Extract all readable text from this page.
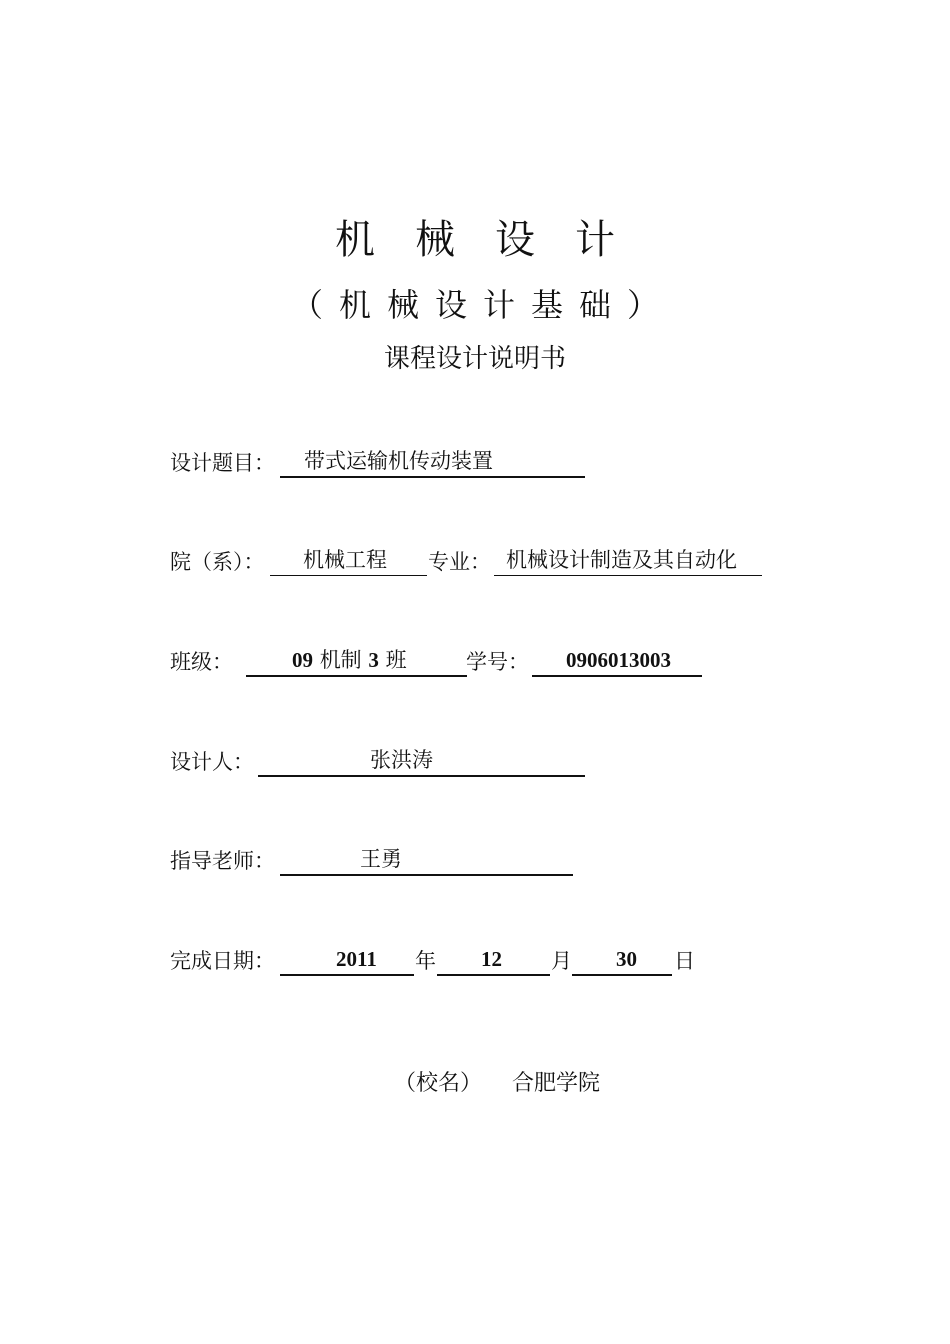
机 械 设 计
（ 机 械 设 计 基 础 ）
课程设计说明书
设计题目： 带式运输机传动装置
院（系）： 机械工程 专业： 机械设计制造及其自动化
班级：	09 机制 3 班	学号： 0906013003
设计人：	张洪涛
指导老师：	王勇
完成日期：	2011 年 12 月 30 日
（校名） 合肥学院
